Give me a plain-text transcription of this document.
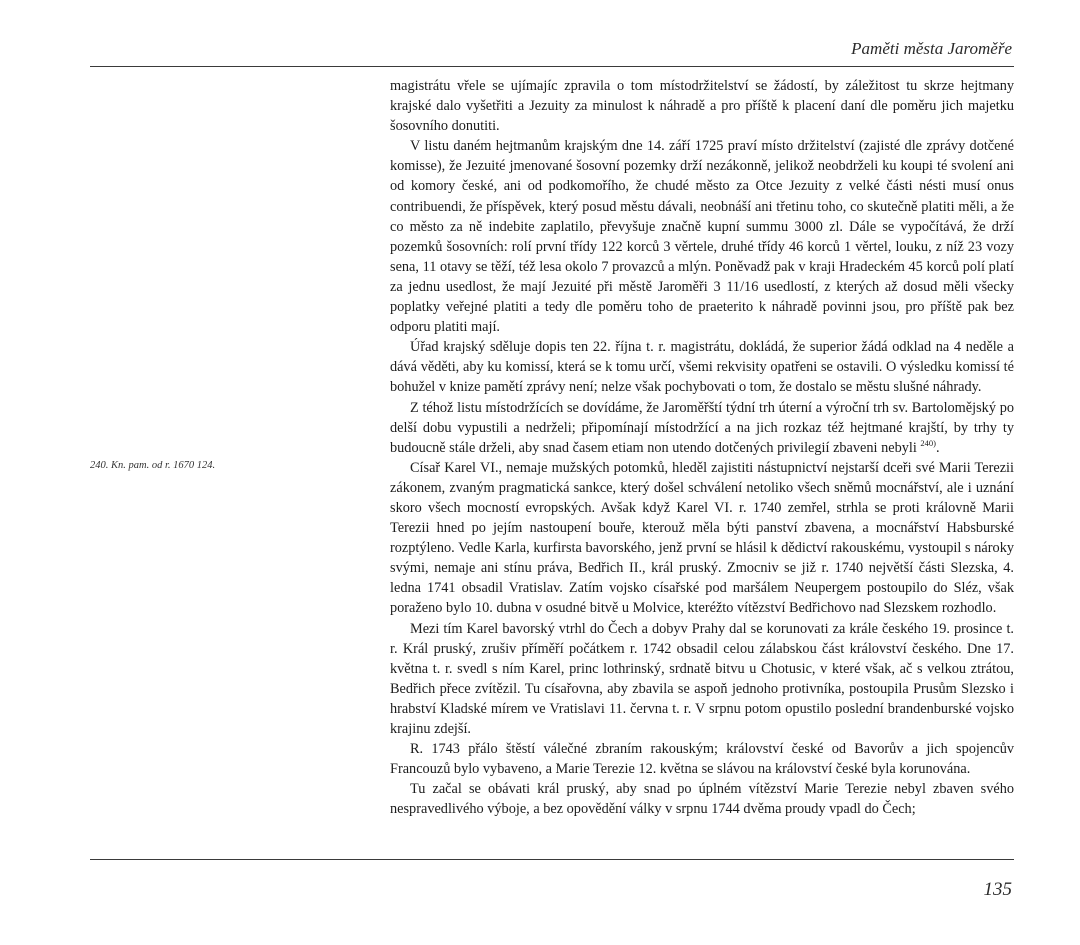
Paměti města Jaroměře
240. Kn. pam. od r. 1670 124.

magistrátu vřele se ujímajíc zpravila o tom místodržitelství se žádostí, by záležitost tu skrze hejtmany krajské dalo vyšetřiti a Jezuity za minulost k náhradě a pro příště k placení daní dle poměru jich majetku šosovního donutiti.

V listu daném hejtmanům krajským dne 14. září 1725 praví místo držitelství (zajisté dle zprávy dotčené komisse), že Jezuité jmenované šosovní pozemky drží nezákonně, jelikož neobdrželi ku koupi té svolení ani od komory české, ani od podkomořího, že chudé město za Otce Jezuity z velké části nésti musí onus contribuendi, že příspěvek, který posud městu dávali, neobnáší ani třetinu toho, co skutečně platiti měli, a že co město za ně indebite zaplatilo, převyšuje značně kupní summu 3000 zl. Dále se vypočítává, že drží pozemků šosovních: rolí první třídy 122 korců 3 věrtele, druhé třídy 46 korců 1 věrtel, louku, z níž 23 vozy sena, 11 otavy se těží, též lesa okolo 7 provazců a mlýn. Poněvadž pak v kraji Hradeckém 45 korců polí platí za jednu usedlost, že mají Jezuité při městě Jaroměři 3 11/16 usedlostí, z kterých až dosud měli všecky poplatky veřejné platiti a tedy dle poměru toho de praeterito k náhradě povinni jsou, pro příště pak bez odporu platiti mají.

Úřad krajský sděluje dopis ten 22. října t. r. magistrátu, dokládá, že superior žádá odklad na 4 neděle a dává věděti, aby ku komissí, která se k tomu určí, všemi rekvisity opatřeni se ostavili. O výsledku komissí té bohužel v knize pamětí zprávy není; nelze však pochybovati o tom, že dostalo se městu slušné náhrady.

Z téhož listu místodržících se dovídáme, že Jaroměřští týdní trh úterní a výroční trh sv. Bartolomějský po delší dobu vypustili a nedrželi; připomínají místodržící a na jich rozkaz též hejtmané krajští, by trhy ty budoucně stále drželi, aby snad časem etiam non utendo dotčených privilegií zbaveni nebyli $^{240)}$.

Císař Karel VI., nemaje mužských potomků, hleděl zajistiti nástupnictví nejstarší dceři své Marii Terezii zákonem, zvaným pragmatická sankce, který došel schválení netoliko všech sněmů mocnářství, ale i uznání skoro všech mocností evropských. Avšak když Karel VI. r. 1740 zemřel, strhla se proti královně Marii Terezii hned po jejím nastoupení bouře, kterouž měla býti panství zbavena, a mocnářství Habsburské rozptýleno. Vedle Karla, kurfirsta bavorského, jenž první se hlásil k dědictví rakouskému, vystoupil s nároky svými, nemaje ani stínu práva, Bedřich II., král pruský. Zmocniv se již r. 1740 největší části Slezska, 4. ledna 1741 obsadil Vratislav. Zatím vojsko císařské pod maršálem Neupergem postoupilo do Sléz, však poraženo bylo 10. dubna v osudné bitvě u Molvice, kteréžto vítězství Bedřichovo nad Slezskem rozhodlo.

Mezi tím Karel bavorský vtrhl do Čech a dobyv Prahy dal se korunovati za krále českého 19. prosince t. r. Král pruský, zrušiv příměří počátkem r. 1742 obsadil celou zálabskou část království českého. Dne 17. května t. r. svedl s ním Karel, princ lothrinský, srdnatě bitvu u Chotusic, v které však, ač s velkou ztrátou, Bedřich přece zvítězil. Tu císařovna, aby zbavila se aspoň jednoho protivníka, postoupila Prusům Slezsko i hrabství Kladské mírem ve Vratislavi 11. června t. r. V srpnu potom opustilo poslední brandenburské vojsko krajinu zdejší.

R. 1743 přálo štěstí válečné zbraním rakouským; království české od Bavorův a jich spojencův Francouzů bylo vybaveno, a Marie Terezie 12. května se slávou na království české byla korunována.

Tu začal se obávati král pruský, aby snad po úplném vítězství Marie Terezie nebyl zbaven svého nespravedlivého výboje, a bez opovědění války v srpnu 1744 dvěma proudy vpadl do Čech;

135
